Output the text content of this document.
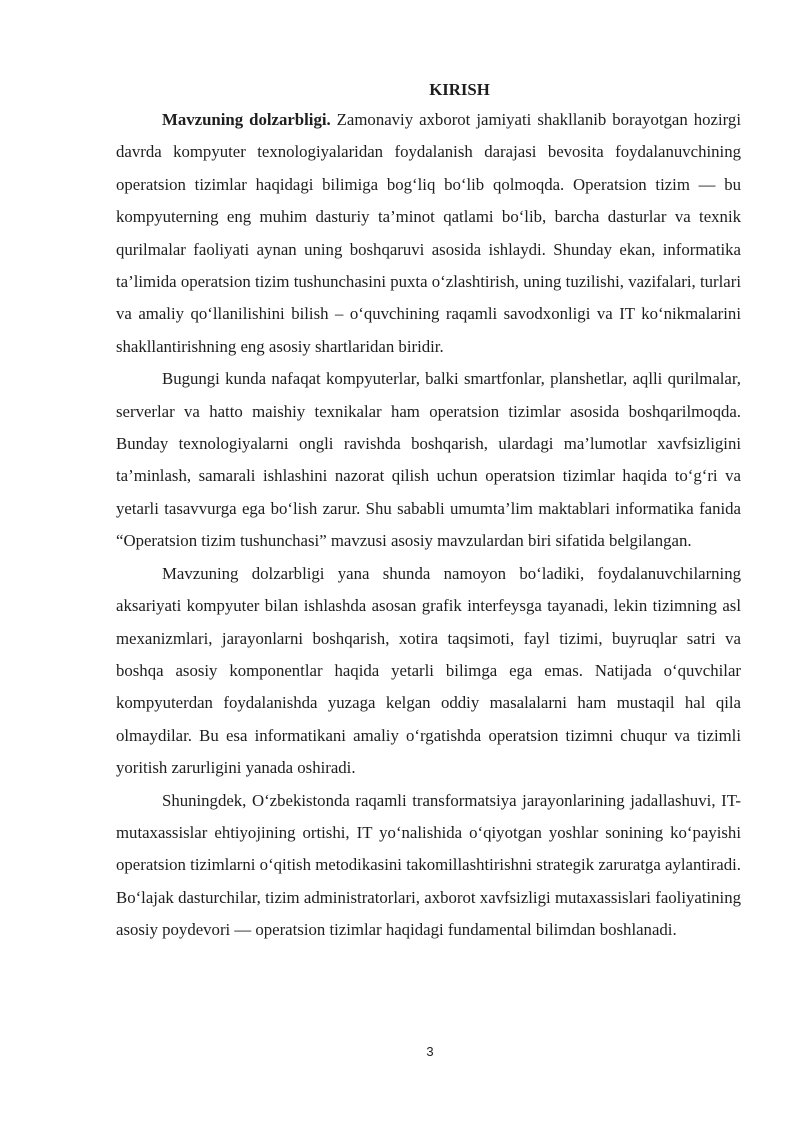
KIRISH

Mavzuning dolzarbligi. Zamonaviy axborot jamiyati shakllanib borayotgan hozirgi davrda kompyuter texnologiyalaridan foydalanish darajasi bevosita foydalanuvchining operatsion tizimlar haqidagi bilimiga bog‘liq bo‘lib qolmoqda. Operatsion tizim — bu kompyuterning eng muhim dasturiy ta’minot qatlami bo‘lib, barcha dasturlar va texnik qurilmalar faoliyati aynan uning boshqaruvi asosida ishlaydi. Shunday ekan, informatika ta’limida operatsion tizim tushunchasini puxta o‘zlashtirish, uning tuzilishi, vazifalari, turlari va amaliy qo‘llanilishini bilish – o‘quvchining raqamli savodxonligi va IT ko‘nikmalarini shakllantirishning eng asosiy shartlaridan biridir.

Bugungi kunda nafaqat kompyuterlar, balki smartfonlar, planshetlar, aqlli qurilmalar, serverlar va hatto maishiy texnikalar ham operatsion tizimlar asosida boshqarilmoqda. Bunday texnologiyalarni ongli ravishda boshqarish, ulardagi ma’lumotlar xavfsizligini ta’minlash, samarali ishlashini nazorat qilish uchun operatsion tizimlar haqida to‘g‘ri va yetarli tasavvurga ega bo‘lish zarur. Shu sababli umumta’lim maktablari informatika fanida “Operatsion tizim tushunchasi” mavzusi asosiy mavzulardan biri sifatida belgilangan.

Mavzuning dolzarbligi yana shunda namoyon bo‘ladiki, foydalanuvchilarning aksariyati kompyuter bilan ishlashda asosan grafik interfeysga tayanadi, lekin tizimning asl mexanizmlari, jarayonlarni boshqarish, xotira taqsimoti, fayl tizimi, buyruqlar satri va boshqa asosiy komponentlar haqida yetarli bilimga ega emas. Natijada o‘quvchilar kompyuterdan foydalanishda yuzaga kelgan oddiy masalalarni ham mustaqil hal qila olmaydilar. Bu esa informatikani amaliy o‘rgatishda operatsion tizimni chuqur va tizimli yoritish zarurligini yanada oshiradi.

Shuningdek, O‘zbekistonda raqamli transformatsiya jarayonlarining jadallashuvi, IT-mutaxassislar ehtiyojining ortishi, IT yo‘nalishida o‘qiyotgan yoshlar sonining ko‘payishi operatsion tizimlarni o‘qitish metodikasini takomillashtirishni strategik zaruratga aylantiradi. Bo‘lajak dasturchilar, tizim administratorlari, axborot xavfsizligi mutaxassislari faoliyatining asosiy poydevori — operatsion tizimlar haqidagi fundamental bilimdan boshlanadi.

3
